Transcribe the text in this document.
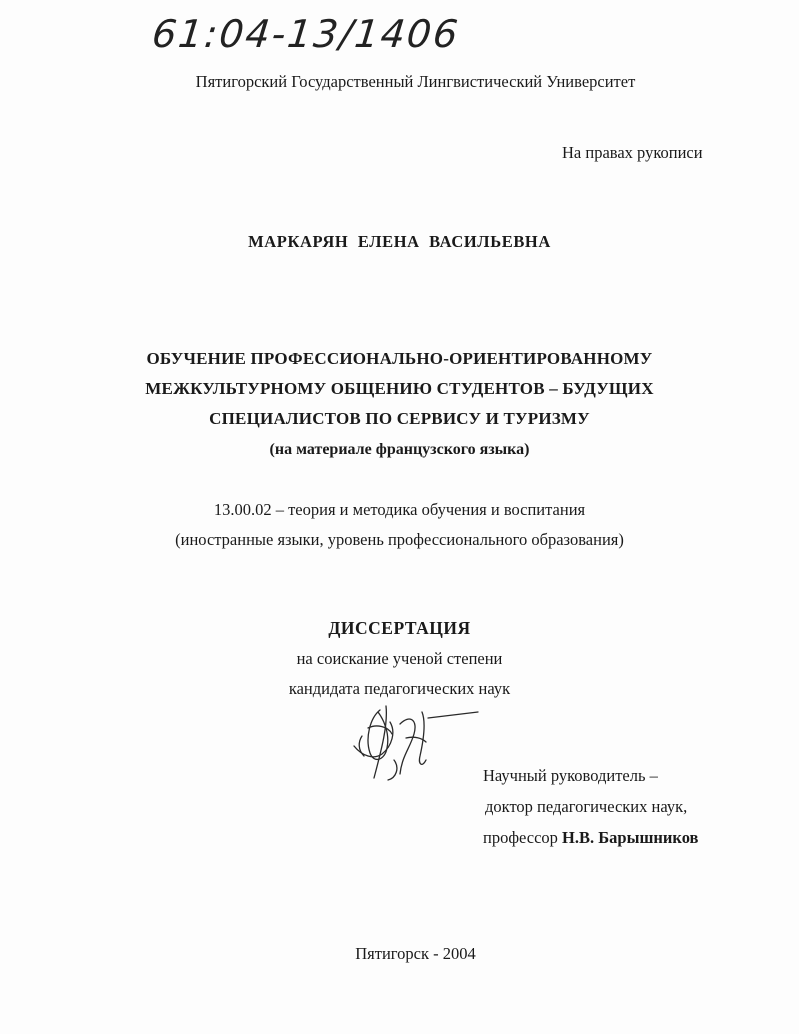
61:04-13/1406
Пятигорский Государственный Лингвистический Университет
На правах рукописи
МАРКАРЯН  ЕЛЕНА  ВАСИЛЬЕВНА
ОБУЧЕНИЕ ПРОФЕССИОНАЛЬНО-ОРИЕНТИРОВАННОМУ
МЕЖКУЛЬТУРНОМУ ОБЩЕНИЮ СТУДЕНТОВ – БУДУЩИХ
СПЕЦИАЛИСТОВ ПО СЕРВИСУ И ТУРИЗМУ
(на материале французского языка)
13.00.02 – теория и методика обучения и воспитания
(иностранные языки, уровень профессионального образования)
ДИССЕРТАЦИЯ
на соискание ученой степени
кандидата педагогических наук
Научный руководитель –
доктор педагогических наук,
профессор Н.В. Барышников
Пятигорск - 2004
